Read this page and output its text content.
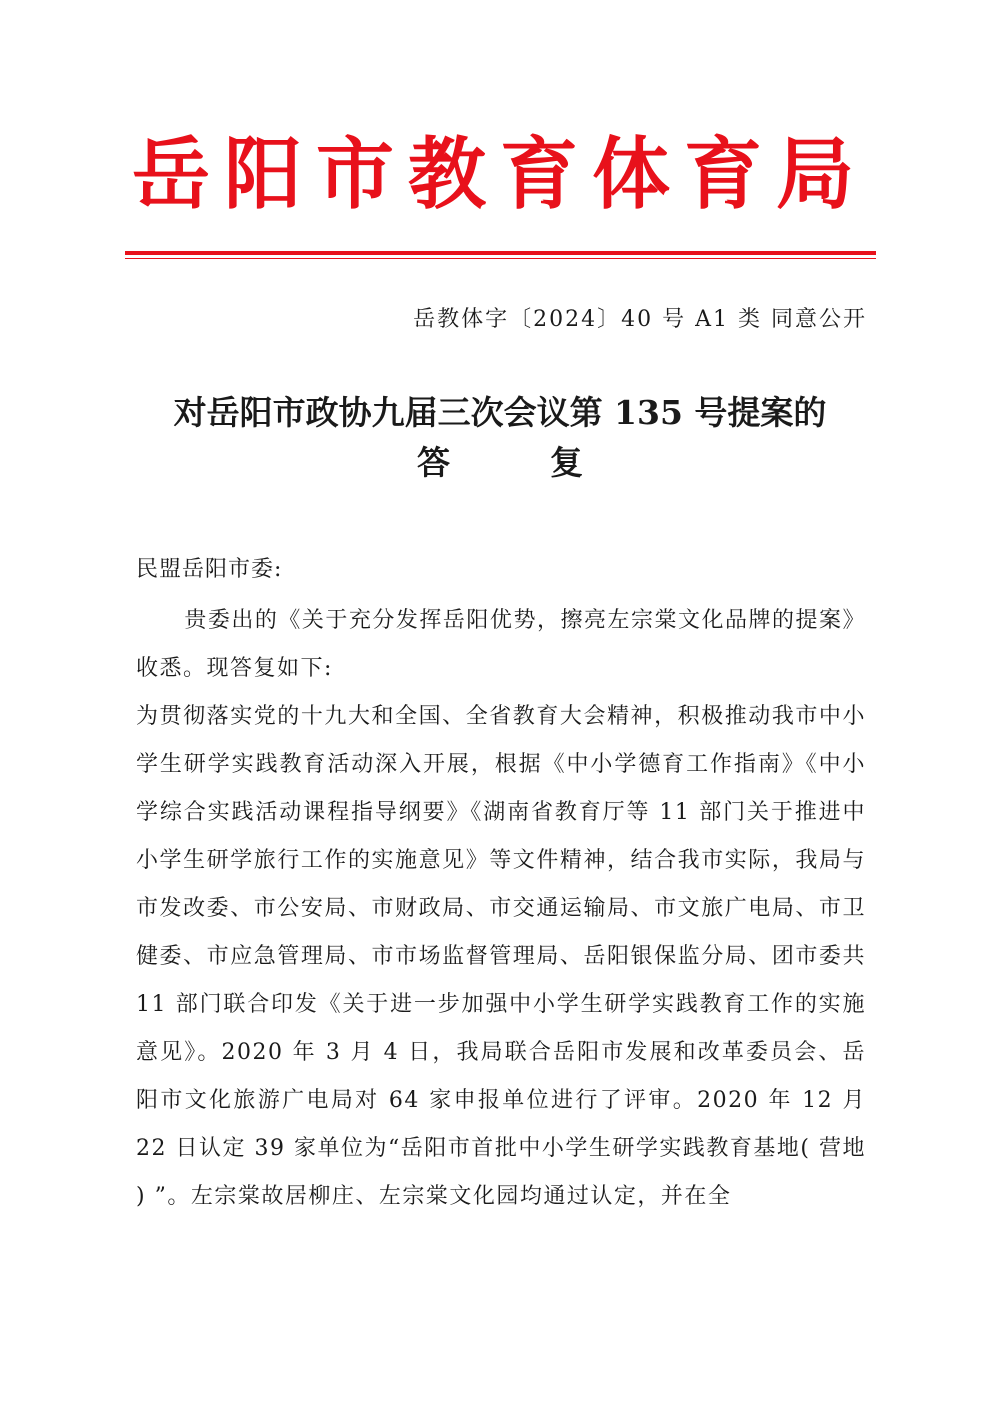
岳阳市教育体育局
岳教体字〔2024〕40 号 A1 类 同意公开
对岳阳市政协九届三次会议第 135 号提案的
答复
民盟岳阳市委:

贵委出的《关于充分发挥岳阳优势，擦亮左宗棠文化品牌的提案》收悉。现答复如下:

为贯彻落实党的十九大和全国、全省教育大会精神，积极推动我市中小学生研学实践教育活动深入开展，根据《中小学德育工作指南》《中小学综合实践活动课程指导纲要》《湖南省教育厅等 11 部门关于推进中小学生研学旅行工作的实施意见》等文件精神，结合我市实际，我局与市发改委、市公安局、市财政局、市交通运输局、市文旅广电局、市卫健委、市应急管理局、市市场监督管理局、岳阳银保监分局、团市委共 11 部门联合印发《关于进一步加强中小学生研学实践教育工作的实施意见》。2020 年 3 月 4 日，我局联合岳阳市发展和改革委员会、岳阳市文化旅游广电局对 64 家申报单位进行了评审。2020 年 12 月 22 日认定 39 家单位为“岳阳市首批中小学生研学实践教育基地( 营地 ) ”。左宗棠故居柳庄、左宗棠文化园均通过认定，并在全
